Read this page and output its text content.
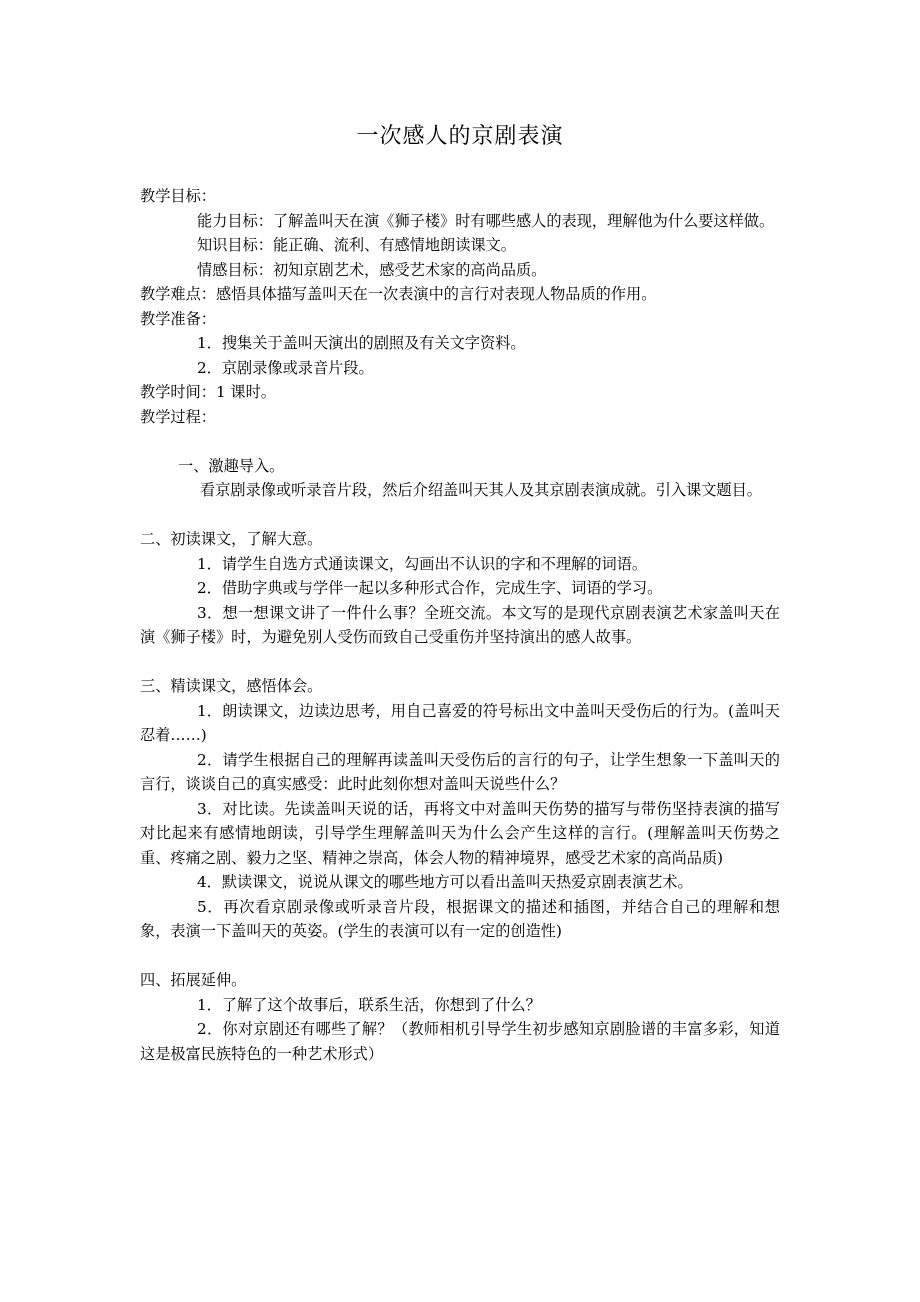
一次感人的京剧表演

教学目标：

能力目标：了解盖叫天在演《狮子楼》时有哪些感人的表现，理解他为什么要这样做。

知识目标：能正确、流利、有感情地朗读课文。

情感目标：初知京剧艺术，感受艺术家的高尚品质。

教学难点：感悟具体描写盖叫天在一次表演中的言行对表现人物品质的作用。

教学准备：

1．搜集关于盖叫天演出的剧照及有关文字资料。

2．京剧录像或录音片段。

教学时间：1 课时。

教学过程：

一、激趣导入。

看京剧录像或听录音片段，然后介绍盖叫天其人及其京剧表演成就。引入课文题目。

二、初读课文，了解大意。

1．请学生自选方式通读课文，勾画出不认识的字和不理解的词语。

2．借助字典或与学伴一起以多种形式合作，完成生字、词语的学习。

3．想一想课文讲了一件什么事？全班交流。本文写的是现代京剧表演艺术家盖叫天在演《狮子楼》时，为避免别人受伤而致自己受重伤并坚持演出的感人故事。

三、精读课文，感悟体会。

1．朗读课文，边读边思考，用自己喜爱的符号标出文中盖叫天受伤后的行为。(盖叫天忍着……)

2．请学生根据自己的理解再读盖叫天受伤后的言行的句子，让学生想象一下盖叫天的言行，谈谈自己的真实感受：此时此刻你想对盖叫天说些什么？

3．对比读。先读盖叫天说的话，再将文中对盖叫天伤势的描写与带伤坚持表演的描写对比起来有感情地朗读，引导学生理解盖叫天为什么会产生这样的言行。(理解盖叫天伤势之重、疼痛之剧、毅力之坚、精神之崇高，体会人物的精神境界，感受艺术家的高尚品质)

4．默读课文，说说从课文的哪些地方可以看出盖叫天热爱京剧表演艺术。

5．再次看京剧录像或听录音片段，根据课文的描述和插图，并结合自己的理解和想象，表演一下盖叫天的英姿。(学生的表演可以有一定的创造性)

四、拓展延伸。

1．了解了这个故事后，联系生活，你想到了什么？

2．你对京剧还有哪些了解？（教师相机引导学生初步感知京剧脸谱的丰富多彩，知道这是极富民族特色的一种艺术形式）
